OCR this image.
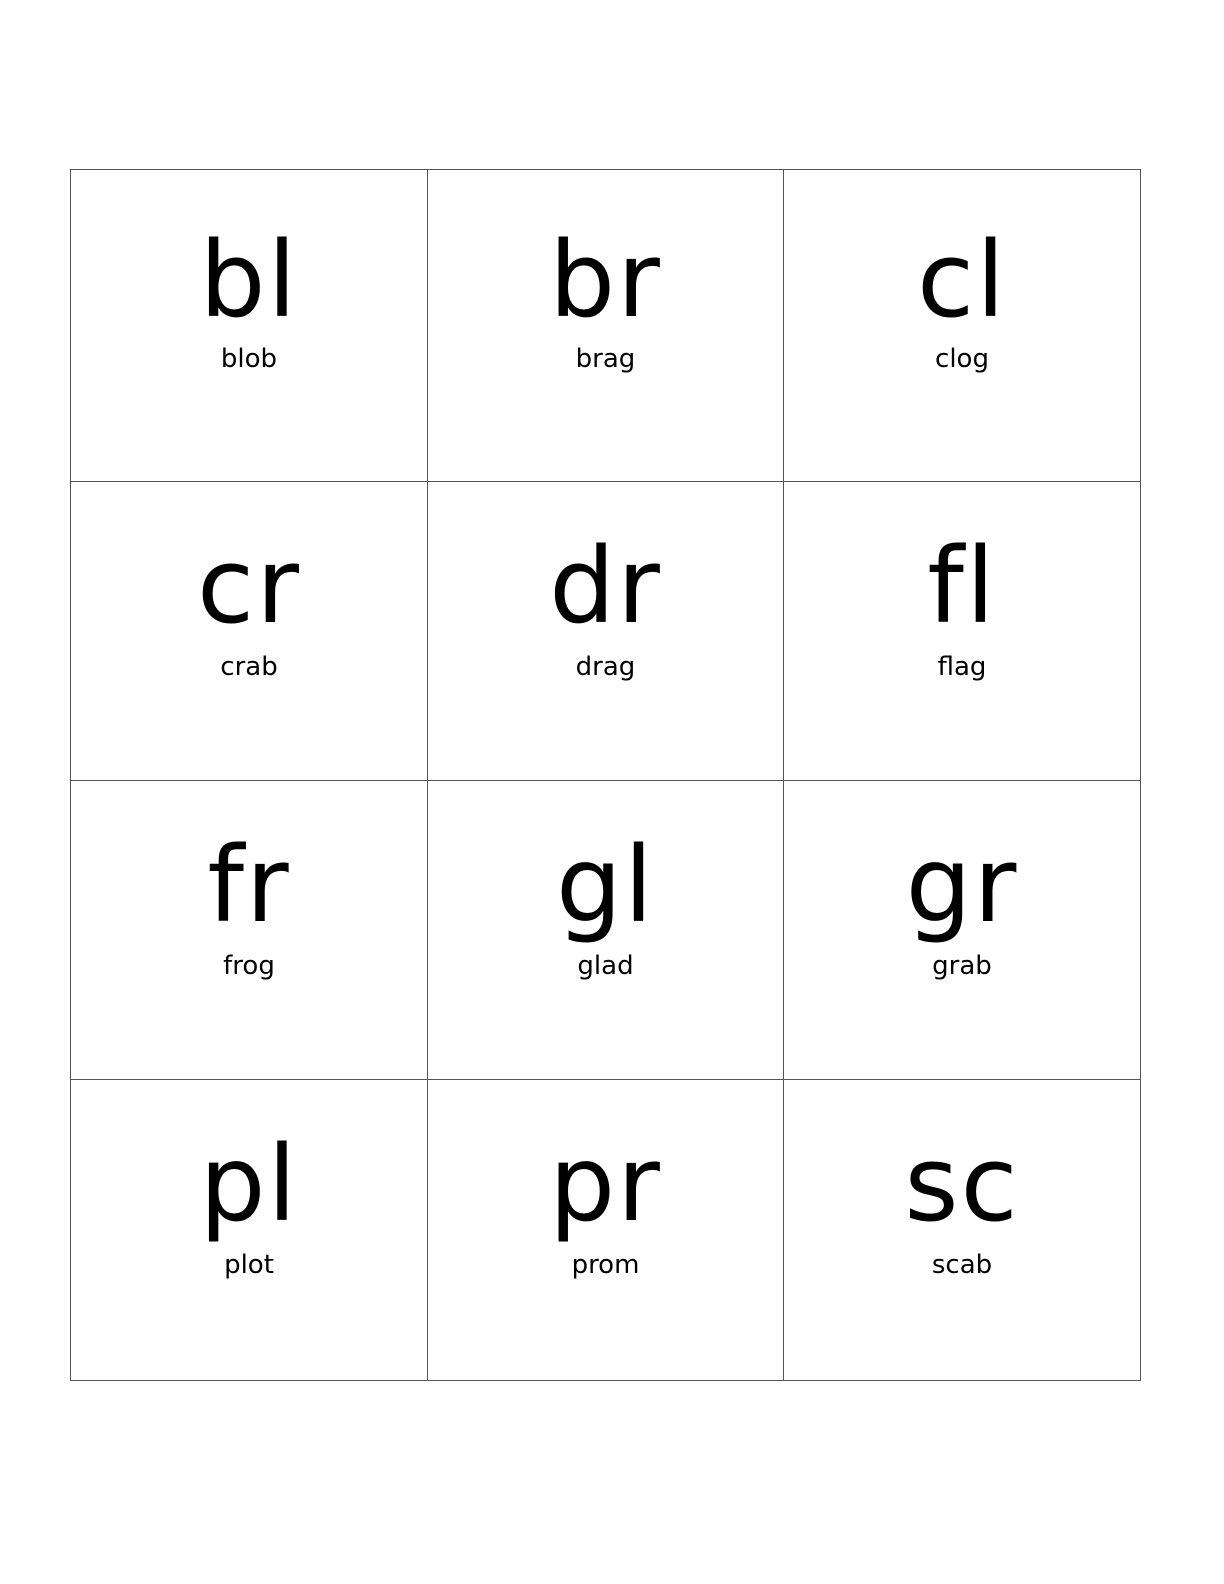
bl
blob
br
brag
cl
clog
cr
crab
dr
drag
fl
flag
fr
frog
gl
glad
gr
grab
pl
plot
pr
prom
sc
scab
